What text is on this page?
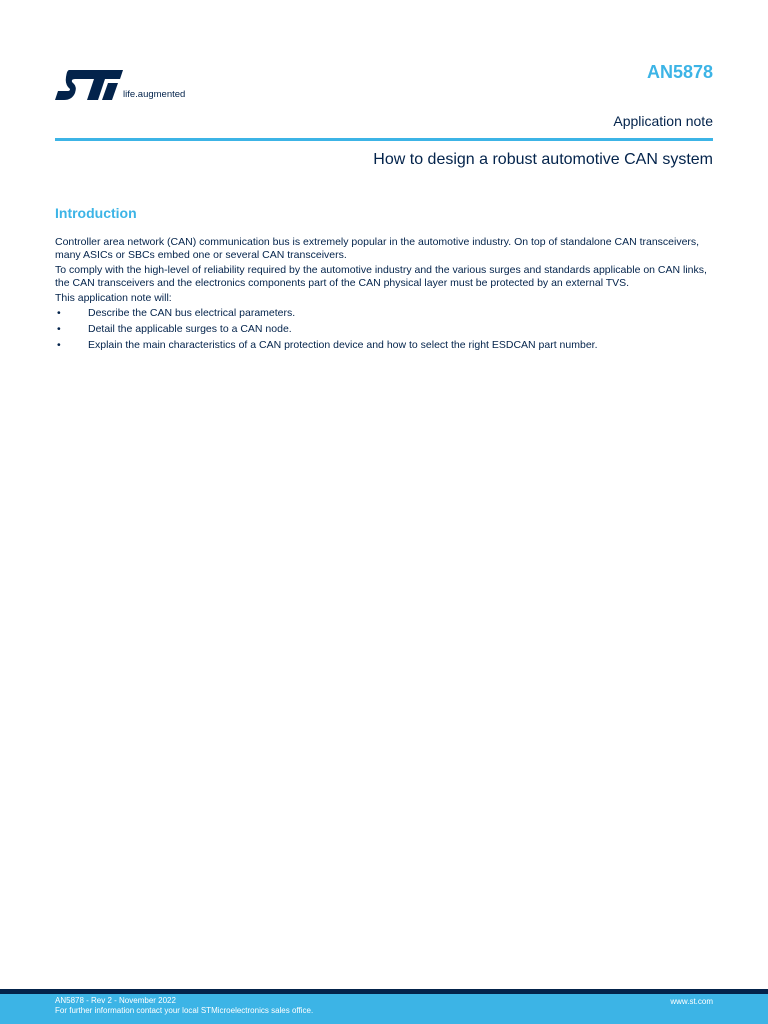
life.augmented
AN5878
Application note
How to design a robust automotive CAN system
Introduction

Controller area network (CAN) communication bus is extremely popular in the automotive industry. On top of standalone CAN transceivers, many ASICs or SBCs embed one or several CAN transceivers.

To comply with the high-level of reliability required by the automotive industry and the various surges and standards applicable on CAN links, the CAN transceivers and the electronics components part of the CAN physical layer must be protected by an external TVS.

This application note will:

•	Describe the CAN bus electrical parameters.
•	Detail the applicable surges to a CAN node.
•	Explain the main characteristics of a CAN protection device and how to select the right ESDCAN part number.
AN5878 - Rev 2 - November 2022
For further information contact your local STMicroelectronics sales office.
www.st.com
